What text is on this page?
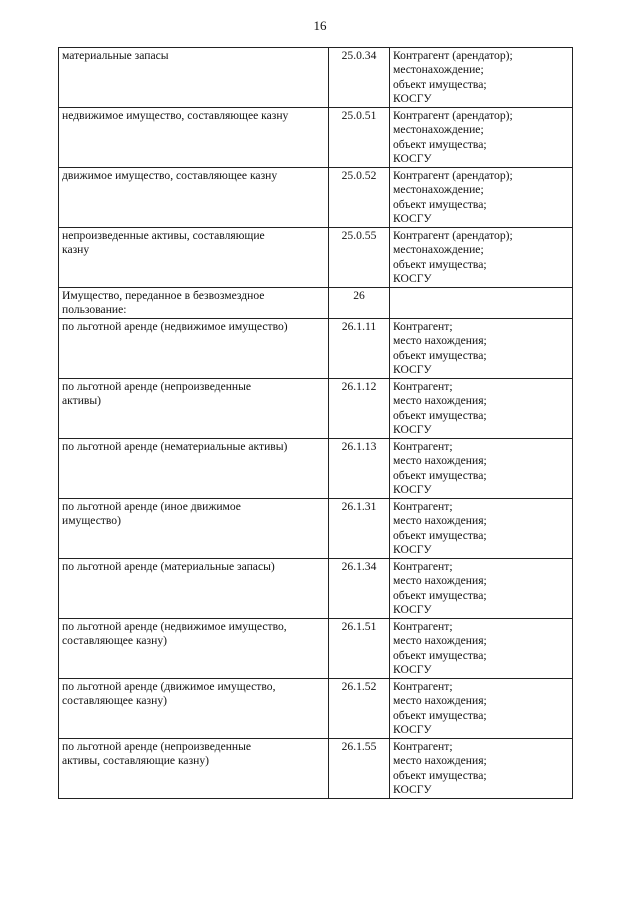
16
материальные запасы	25.0.34	Контрагент (арендатор);
местонахождение;
объект имущества;
КОСГУ
недвижимое имущество, составляющее казну	25.0.51	Контрагент (арендатор);
местонахождение;
объект имущества;
КОСГУ
движимое имущество, составляющее казну	25.0.52	Контрагент (арендатор);
местонахождение;
объект имущества;
КОСГУ
непроизведенные активы, составляющие
казну	25.0.55	Контрагент (арендатор);
местонахождение;
объект имущества;
КОСГУ
Имущество, переданное в безвозмездное
пользование:	26	
по льготной аренде (недвижимое имущество)	26.1.11	Контрагент;
место нахождения;
объект имущества;
КОСГУ
по льготной аренде (непроизведенные
активы)	26.1.12	Контрагент;
место нахождения;
объект имущества;
КОСГУ
по льготной аренде (нематериальные активы)	26.1.13	Контрагент;
место нахождения;
объект имущества;
КОСГУ
по льготной аренде (иное движимое
имущество)	26.1.31	Контрагент;
место нахождения;
объект имущества;
КОСГУ
по льготной аренде (материальные запасы)	26.1.34	Контрагент;
место нахождения;
объект имущества;
КОСГУ
по льготной аренде (недвижимое имущество,
составляющее казну)	26.1.51	Контрагент;
место нахождения;
объект имущества;
КОСГУ
по льготной аренде (движимое имущество,
составляющее казну)	26.1.52	Контрагент;
место нахождения;
объект имущества;
КОСГУ
по льготной аренде (непроизведенные
активы, составляющие казну)	26.1.55	Контрагент;
место нахождения;
объект имущества;
КОСГУ
